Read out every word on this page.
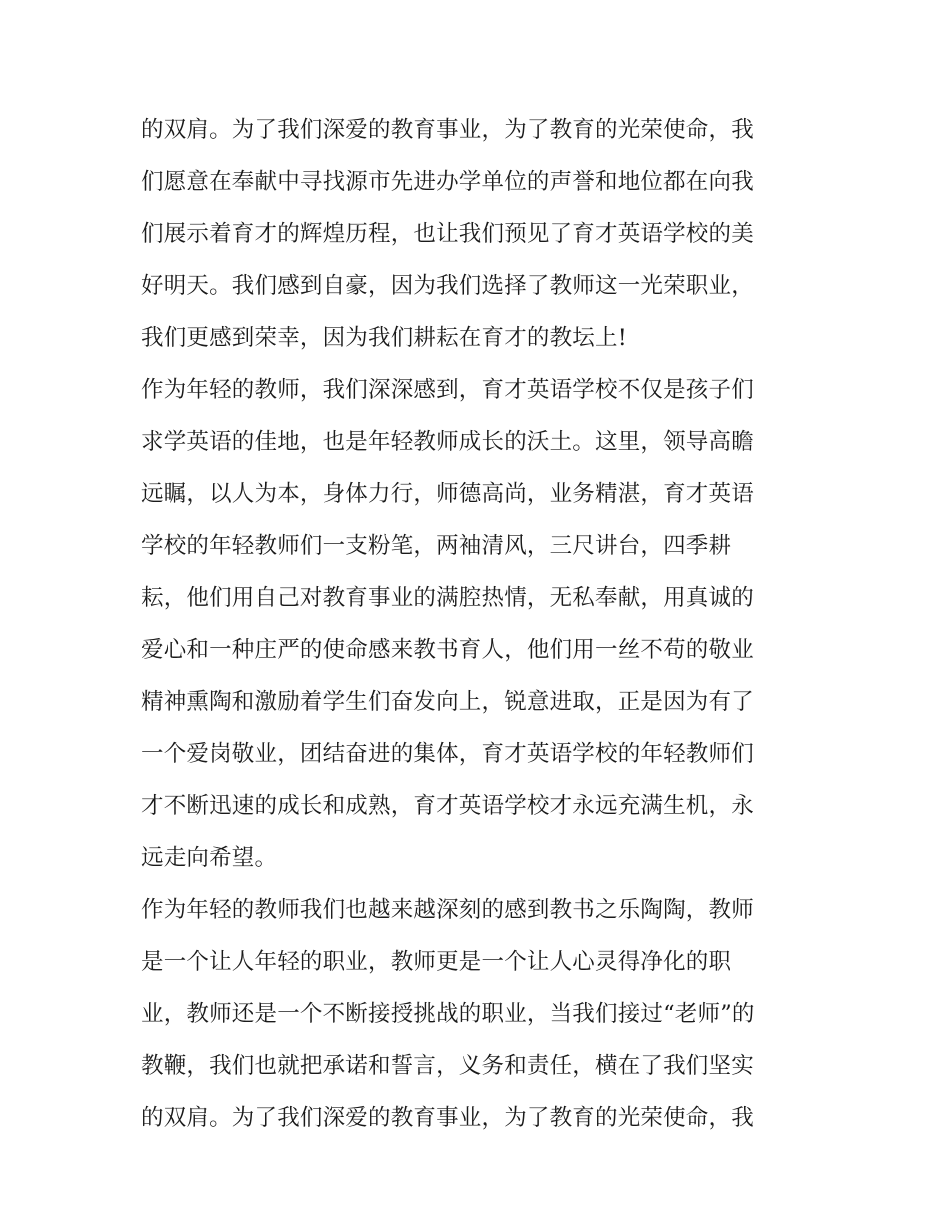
的双肩。为了我们深爱的教育事业，为了教育的光荣使命，我
们愿意在奉献中寻找源市先进办学单位的声誉和地位都在向我
们展示着育才的辉煌历程，也让我们预见了育才英语学校的美
好明天。我们感到自豪，因为我们选择了教师这一光荣职业，
我们更感到荣幸，因为我们耕耘在育才的教坛上!
作为年轻的教师，我们深深感到，育才英语学校不仅是孩子们
求学英语的佳地，也是年轻教师成长的沃土。这里，领导高瞻
远瞩，以人为本，身体力行，师德高尚，业务精湛，育才英语
学校的年轻教师们一支粉笔，两袖清风，三尺讲台，四季耕
耘，他们用自己对教育事业的满腔热情，无私奉献，用真诚的
爱心和一种庄严的使命感来教书育人，他们用一丝不苟的敬业
精神熏陶和激励着学生们奋发向上，锐意进取，正是因为有了
一个爱岗敬业，团结奋进的集体，育才英语学校的年轻教师们
才不断迅速的成长和成熟，育才英语学校才永远充满生机，永
远走向希望。
作为年轻的教师我们也越来越深刻的感到教书之乐陶陶，教师
是一个让人年轻的职业，教师更是一个让人心灵得净化的职
业，教师还是一个不断接授挑战的职业，当我们接过“老师”的
教鞭，我们也就把承诺和誓言，义务和责任，横在了我们坚实
的双肩。为了我们深爱的教育事业，为了教育的光荣使命，我
